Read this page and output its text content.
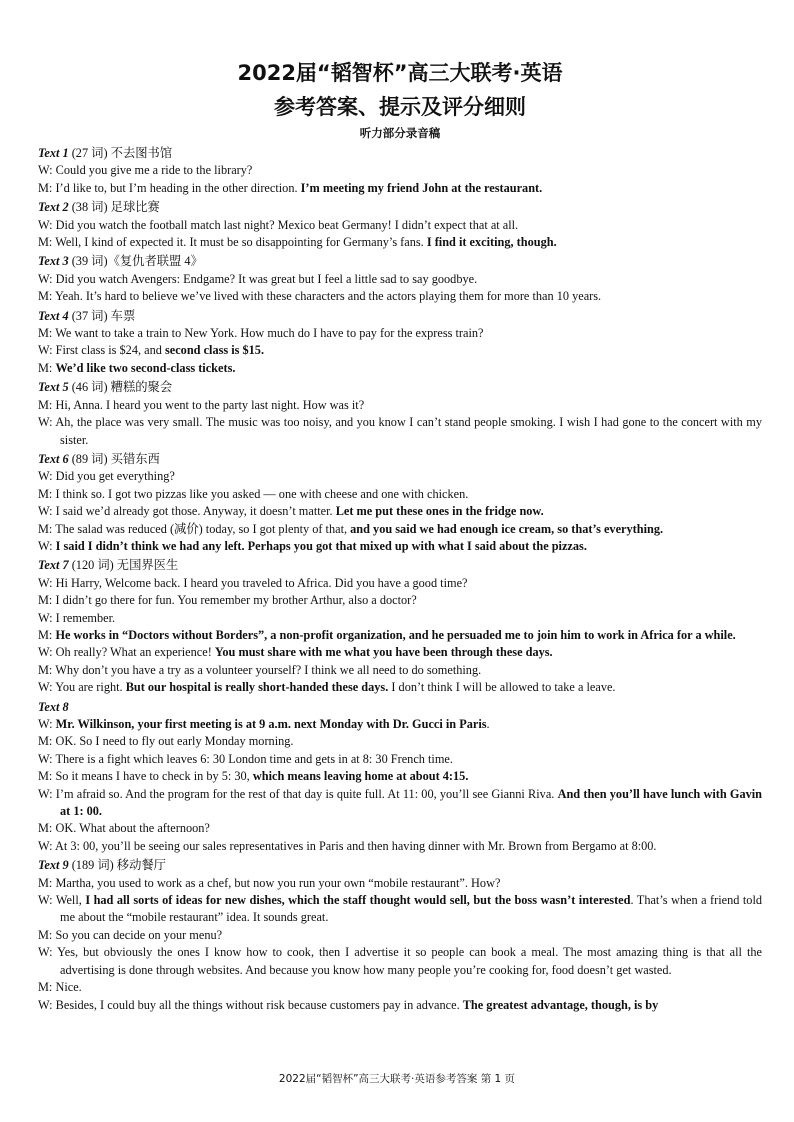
2022届“韬智杯”高三大联考·英语
参考答案、提示及评分细则
听力部分录音稿
Text 1 (27 词) 不去图书馆
W: Could you give me a ride to the library?
M: I’d like to, but I’m heading in the other direction. I’m meeting my friend John at the restaurant.
Text 2 (38 词) 足球比赛
W: Did you watch the football match last night? Mexico beat Germany! I didn’t expect that at all.
M: Well, I kind of expected it. It must be so disappointing for Germany’s fans. I find it exciting, though.
Text 3 (39 词)《复仇者联盟 4》
W: Did you watch Avengers: Endgame? It was great but I feel a little sad to say goodbye.
M: Yeah. It’s hard to believe we’ve lived with these characters and the actors playing them for more than 10 years.
Text 4 (37 词) 车票
M: We want to take a train to New York. How much do I have to pay for the express train?
W: First class is $24, and second class is $15.
M: We’d like two second-class tickets.
Text 5 (46 词) 糟糕的聚会
M: Hi, Anna. I heard you went to the party last night. How was it?
W: Ah, the place was very small. The music was too noisy, and you know I can’t stand people smoking. I wish I had gone to the concert with my sister.
Text 6 (89 词) 买错东西
W: Did you get everything?
M: I think so. I got two pizzas like you asked — one with cheese and one with chicken.
W: I said we’d already got those. Anyway, it doesn’t matter. Let me put these ones in the fridge now.
M: The salad was reduced (减价) today, so I got plenty of that, and you said we had enough ice cream, so that’s everything.
W: I said I didn’t think we had any left. Perhaps you got that mixed up with what I said about the pizzas.
Text 7 (120 词) 无国界医生
W: Hi Harry, Welcome back. I heard you traveled to Africa. Did you have a good time?
M: I didn’t go there for fun. You remember my brother Arthur, also a doctor?
W: I remember.
M: He works in “Doctors without Borders”, a non-profit organization, and he persuaded me to join him to work in Africa for a while.
W: Oh really? What an experience! You must share with me what you have been through these days.
M: Why don’t you have a try as a volunteer yourself? I think we all need to do something.
W: You are right. But our hospital is really short-handed these days. I don’t think I will be allowed to take a leave.
Text 8
W: Mr. Wilkinson, your first meeting is at 9 a.m. next Monday with Dr. Gucci in Paris.
M: OK. So I need to fly out early Monday morning.
W: There is a fight which leaves 6: 30 London time and gets in at 8: 30 French time.
M: So it means I have to check in by 5: 30, which means leaving home at about 4:15.
W: I’m afraid so. And the program for the rest of that day is quite full. At 11: 00, you’ll see Gianni Riva. And then you’ll have lunch with Gavin at 1: 00.
M: OK. What about the afternoon?
W: At 3: 00, you’ll be seeing our sales representatives in Paris and then having dinner with Mr. Brown from Bergamo at 8:00.
Text 9 (189 词) 移动餐厅
M: Martha, you used to work as a chef, but now you run your own “mobile restaurant”. How?
W: Well, I had all sorts of ideas for new dishes, which the staff thought would sell, but the boss wasn’t interested. That’s when a friend told me about the “mobile restaurant” idea. It sounds great.
M: So you can decide on your menu?
W: Yes, but obviously the ones I know how to cook, then I advertise it so people can book a meal. The most amazing thing is that all the advertising is done through websites. And because you know how many people you’re cooking for, food doesn’t get wasted.
M: Nice.
W: Besides, I could buy all the things without risk because customers pay in advance. The greatest advantage, though, is by
2022届“韬智杯”高三大联考·英语参考答案 第 1 页
